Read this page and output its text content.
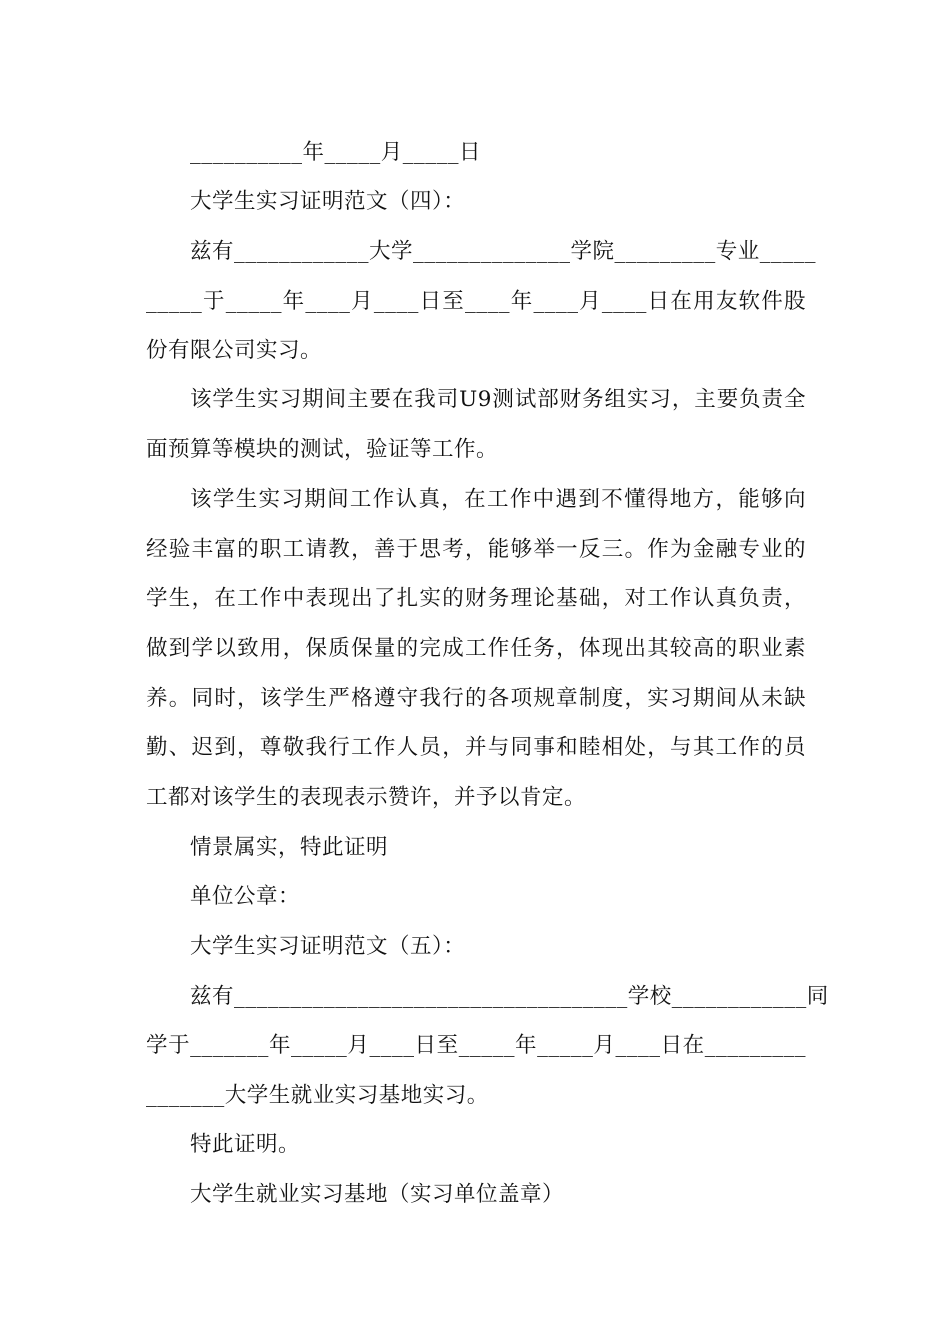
__________年_____月_____日
大学生实习证明范文（四）：
兹有____________大学______________学院_________专业_____
_____于_____年____月____日至____年____月____日在用友软件股
份有限公司实习。
该学生实习期间主要在我司U9测试部财务组实习，主要负责全
面预算等模块的测试，验证等工作。
该学生实习期间工作认真，在工作中遇到不懂得地方，能够向
经验丰富的职工请教，善于思考，能够举一反三。作为金融专业的
学生，在工作中表现出了扎实的财务理论基础，对工作认真负责，
做到学以致用，保质保量的完成工作任务，体现出其较高的职业素
养。同时，该学生严格遵守我行的各项规章制度，实习期间从未缺
勤、迟到，尊敬我行工作人员，并与同事和睦相处，与其工作的员
工都对该学生的表现表示赞许，并予以肯定。
情景属实，特此证明
单位公章：
大学生实习证明范文（五）：
兹有___________________________________学校____________同
学于_______年_____月____日至_____年_____月____日在_________
_______大学生就业实习基地实习。
特此证明。
大学生就业实习基地（实习单位盖章）
